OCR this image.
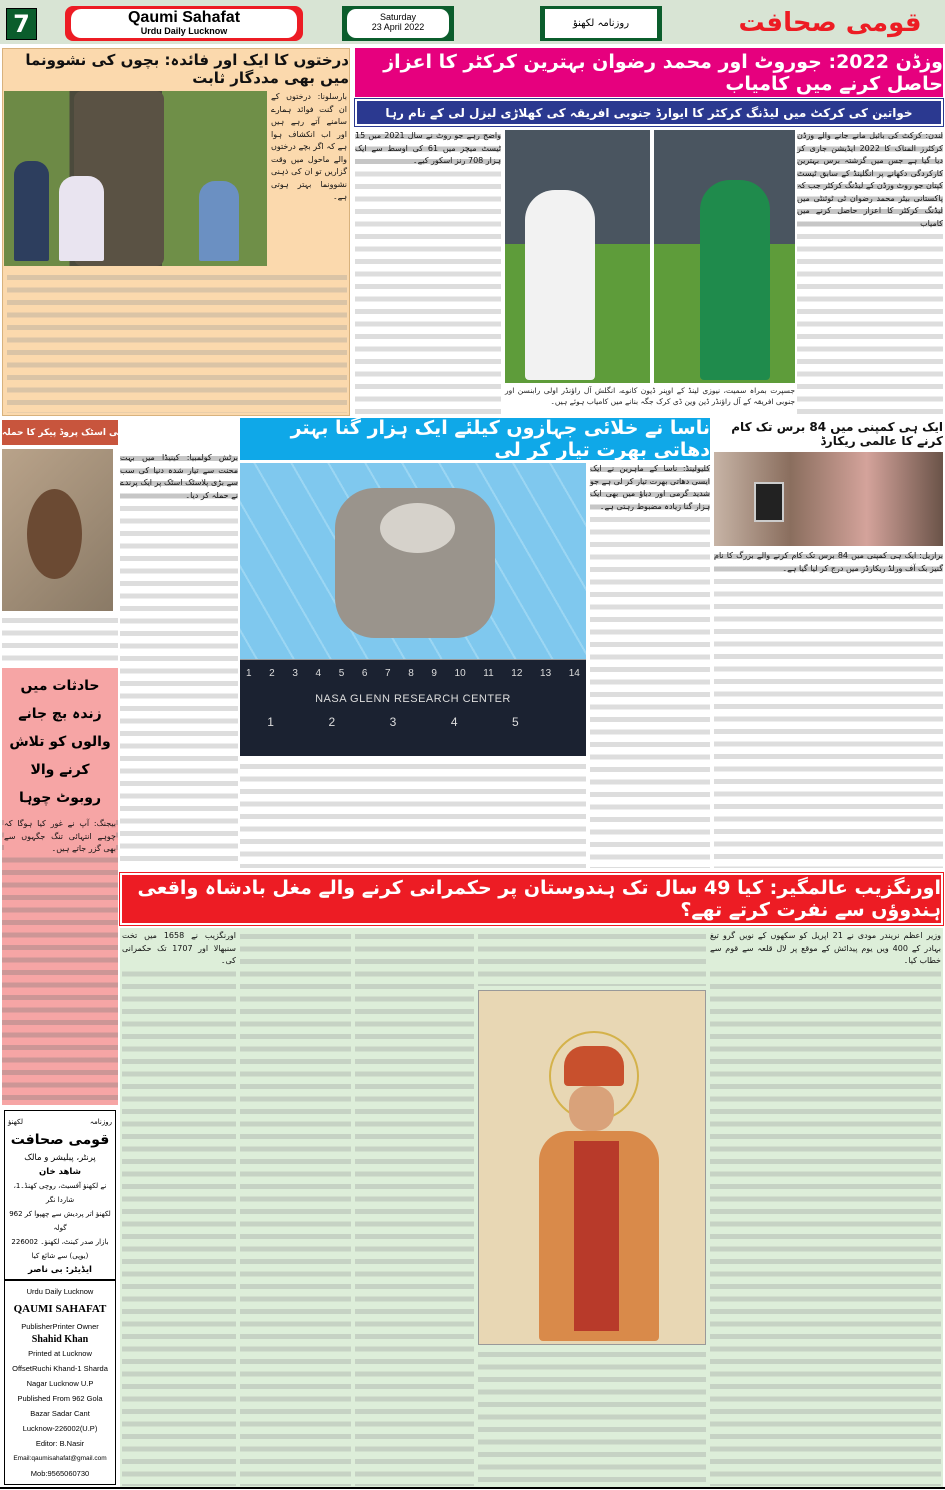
7	Qaumi Sahafat
Urdu Daily Lucknow
Saturday
23 April 2022	روزنامہ لکھنؤ	قومی صحافت
درختوں کا ایک اور فائدہ: بچوں کی نشوونما میں بھی مددگار ثابت
بارسلونا: درختوں کے ان گنت فوائد ہمارے سامنے آتے رہے ہیں اور اب انکشاف ہوا ہے کہ اگر بچے درختوں والے ماحول میں وقت گزاریں تو ان کی ذہنی نشوونما بہتر ہوتی ہے۔
وزڈن 2022: جوروٹ اور محمد رضوان بہترین کرکٹر کا اعزاز حاصل کرنے میں کامیاب
خواتین کی کرکٹ میں لیڈنگ کرکٹر کا ایوارڈ جنوبی افریقہ کی کھلاڑی لیزل لی کے نام رہا
جسپرت بمراہ سمیت، نیوزی لینڈ کے اوپنر ڈیون کانوے، انگلش آل راؤنڈر اولی رابنسن اور جنوبی افریقہ کے آل راؤنڈر ڈین وین ڈی کرک جگہ بنانے میں کامیاب ہوئے ہیں۔
لندن: کرکٹ کی بائبل مانے جانے والے وزڈن کرکٹرز المناک کا 2022 ایڈیشن جاری کر دیا گیا ہے جس میں گزشتہ برس بہترین کارکردگی دکھانے پر انگلینڈ کے سابق ٹیسٹ کپتان جو روٹ وزڈن کے لیڈنگ کرکٹر جب کہ پاکستانی بیٹر محمد رضوان ٹی ٹوئنٹی میں لیڈنگ کرکٹر کا اعزاز حاصل کرنے میں کامیاب
واضح رہے جو روٹ نے سال 2021 میں 15 ٹیسٹ میچز میں 61 کی اوسط سے ایک ہزار 708 رنز اسکور کیے۔
دنیا کی سب سے بڑی ہائی اسٹک پروڈ پیکر کا حملہ
برٹش کولمبیا: کینیڈا میں بہت محنت سے تیار شدہ دنیا کی سب سے بڑی پلاسٹک اسٹک پر ایک پرندے نے حملہ کر دیا۔
حادثات میں زندہ بچ جانے والوں کو تلاش کرنے والا روبوٹ چوہا
بیجنگ: آپ نے غور کیا ہوگا کہ چوہے انتہائی تنگ جگہوں سے بھی گزر جاتے ہیں۔
روزنامہ
لکھنؤ
قومی صحافت
پرنٹر، پبلیشر و مالک
شاهد خان
نے لکھنؤ آفسیٹ، روچی کھنڈ۔1، شاردا نگر
لکھنؤ اتر پردیش سے چھپوا کر 962 گولہ
بازار صدر کینٹ، لکھنؤ۔ 226002
(یوپی) سے شائع کیا
ایڈیٹر: بی ناصر
Urdu Daily Lucknow
QAUMI SAHAFAT
PublisherPrinter Owner
Shahid Khan
Printed at Lucknow
OffsetRuchi Khand-1 Sharda
Nagar Lucknow U.P
Published From 962 Gola
Bazar Sadar Cant
Lucknow-226002(U.P)
Editor: B.Nasir
Email:qaumisahafat@gmail.com
Mob:9565060730
ناسا نے خلائی جہازوں کیلئے ایک ہزار گنا بہتر دھاتی بھرت تیار کر لی
1 2 3 4 5 6 7 8 9 10 11 12 13 14
NASA GLENN RESEARCH CENTER
1	2	3	4	5
کلیولینڈ: ناسا کے ماہرین نے ایک ایسی دھاتی بھرت تیار کر لی ہے جو شدید گرمی اور دباؤ میں بھی ایک ہزار گنا زیادہ مضبوط رہتی ہے۔
ایک ہی کمپنی میں 84 برس تک کام کرنے کا عالمی ریکارڈ
برازیل: ایک ہی کمپنی میں 84 برس تک کام کرنے والے بزرگ کا نام گنیز بک آف ورلڈ ریکارڈز میں درج کر لیا گیا ہے۔
اورنگزیب عالمگیر: کیا 49 سال تک ہندوستان پر حکمرانی کرنے والے مغل بادشاہ واقعی ہندوؤں سے نفرت کرتے تھے؟
وزیر اعظم نریندر مودی نے 21 اپریل کو سکھوں کے نویں گرو تیغ بہادر کے 400 ویں یوم پیدائش کے موقع پر لال قلعہ سے قوم سے خطاب کیا۔
اورنگزیب نے 1658 میں تخت سنبھالا اور 1707 تک حکمرانی کی۔
